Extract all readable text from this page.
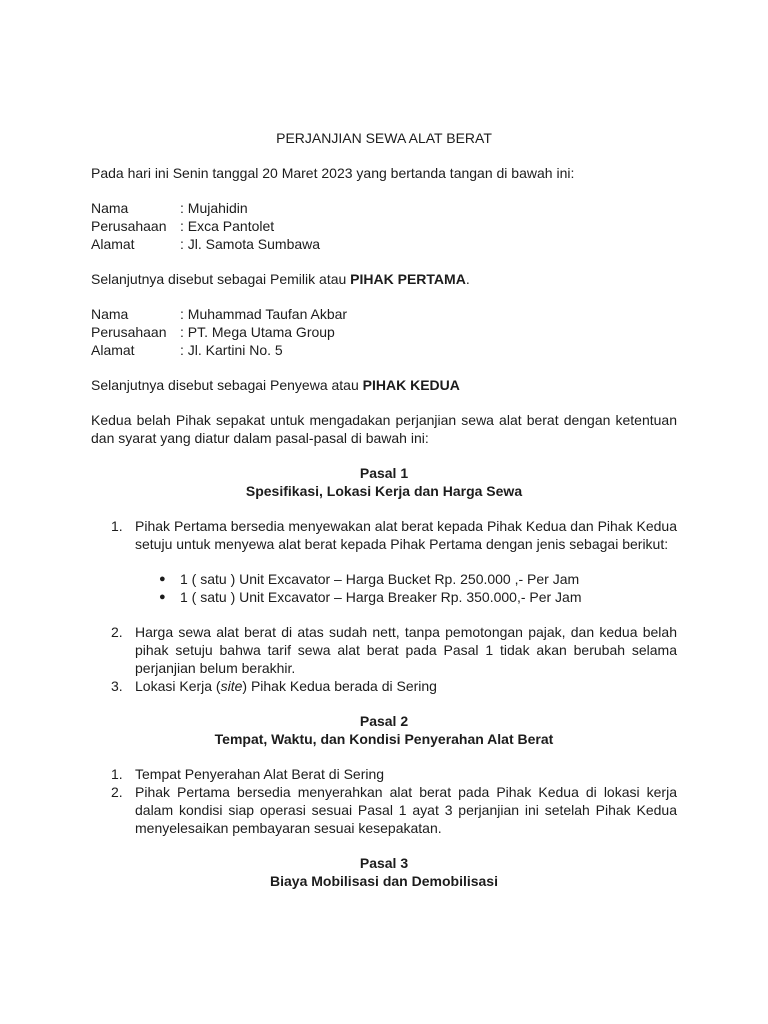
PERJANJIAN SEWA ALAT BERAT

Pada hari ini Senin tanggal 20 Maret 2023 yang bertanda tangan di bawah ini:

Nama	: Mujahidin
Perusahaan : Exca Pantolet
Alamat	: Jl. Samota Sumbawa

Selanjutnya disebut sebagai Pemilik atau PIHAK PERTAMA.

Nama	: Muhammad Taufan Akbar
Perusahaan : PT. Mega Utama Group
Alamat	: Jl. Kartini No. 5

Selanjutnya disebut sebagai Penyewa atau PIHAK KEDUA

Kedua belah Pihak sepakat untuk mengadakan perjanjian sewa alat berat dengan ketentuan dan syarat yang diatur dalam pasal-pasal di bawah ini:

Pasal 1

Spesifikasi, Lokasi Kerja dan Harga Sewa

1. Pihak Pertama bersedia menyewakan alat berat kepada Pihak Kedua dan Pihak Kedua setuju untuk menyewa alat berat kepada Pihak Pertama dengan jenis sebagai berikut:
●	1 ( satu ) Unit Excavator – Harga Bucket Rp. 250.000 ,- Per Jam
●	1 ( satu ) Unit Excavator – Harga Breaker Rp. 350.000,- Per Jam
2. Harga sewa alat berat di atas sudah nett, tanpa pemotongan pajak, dan kedua belah pihak setuju bahwa tarif sewa alat berat pada Pasal 1 tidak akan berubah selama perjanjian belum berakhir.
3. Lokasi Kerja (site) Pihak Kedua berada di Sering

Pasal 2

Tempat, Waktu, dan Kondisi Penyerahan Alat Berat

1. Tempat Penyerahan Alat Berat di Sering
2. Pihak Pertama bersedia menyerahkan alat berat pada Pihak Kedua di lokasi kerja dalam kondisi siap operasi sesuai Pasal 1 ayat 3 perjanjian ini setelah Pihak Kedua menyelesaikan pembayaran sesuai kesepakatan.

Pasal 3

Biaya Mobilisasi dan Demobilisasi
